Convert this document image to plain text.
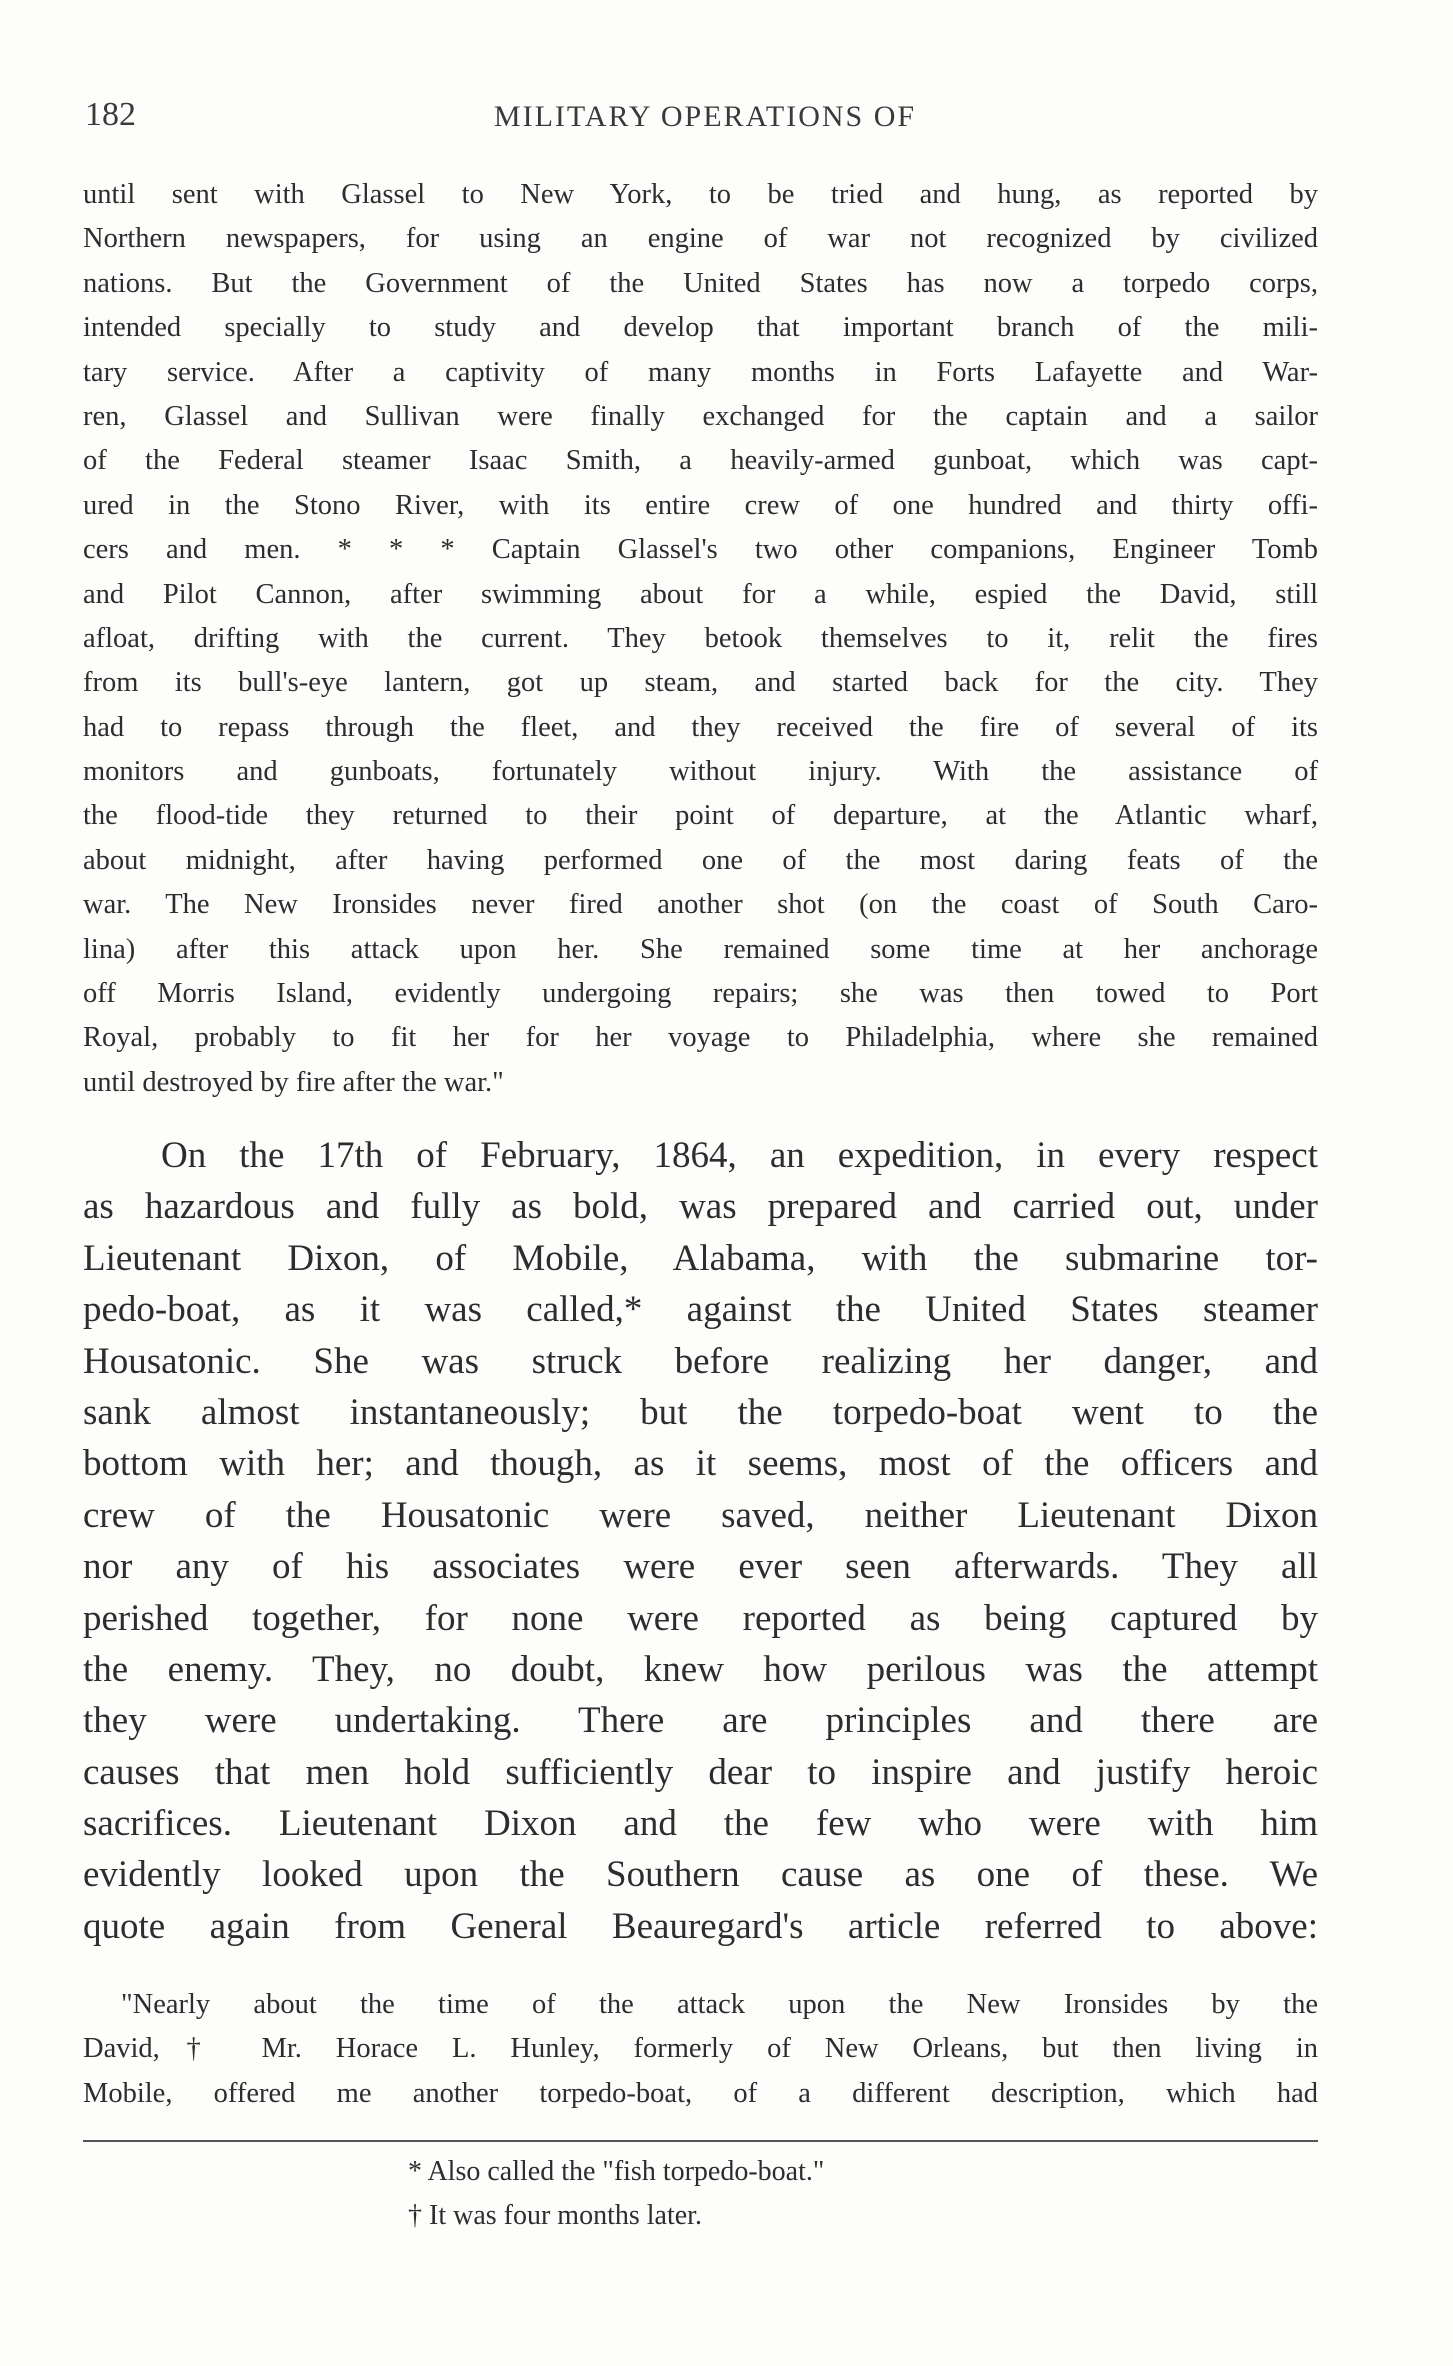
182	MILITARY OPERATIONS OF
until sent with Glassel to New York, to be tried and hung, as reported by
Northern newspapers, for using an engine of war not recognized by civilized
nations. But the Government of the United States has now a torpedo corps,
intended specially to study and develop that important branch of the mili-
tary service. After a captivity of many months in Forts Lafayette and War-
ren, Glassel and Sullivan were finally exchanged for the captain and a sailor
of the Federal steamer Isaac Smith, a heavily-armed gunboat, which was capt-
ured in the Stono River, with its entire crew of one hundred and thirty offi-
cers and men. * * * Captain Glassel's two other companions, Engineer Tomb
and Pilot Cannon, after swimming about for a while, espied the David, still
afloat, drifting with the current. They betook themselves to it, relit the fires
from its bull's-eye lantern, got up steam, and started back for the city. They
had to repass through the fleet, and they received the fire of several of its
monitors and gunboats, fortunately without injury. With the assistance of
the flood-tide they returned to their point of departure, at the Atlantic wharf,
about midnight, after having performed one of the most daring feats of the
war. The New Ironsides never fired another shot (on the coast of South Caro-
lina) after this attack upon her. She remained some time at her anchorage
off Morris Island, evidently undergoing repairs; she was then towed to Port
Royal, probably to fit her for her voyage to Philadelphia, where she remained
until destroyed by fire after the war."
On the 17th of February, 1864, an expedition, in every respect
as hazardous and fully as bold, was prepared and carried out, under
Lieutenant Dixon, of Mobile, Alabama, with the submarine tor-
pedo-boat, as it was called,* against the United States steamer
Housatonic. She was struck before realizing her danger, and
sank almost instantaneously; but the torpedo-boat went to the
bottom with her; and though, as it seems, most of the officers and
crew of the Housatonic were saved, neither Lieutenant Dixon
nor any of his associates were ever seen afterwards. They all
perished together, for none were reported as being captured by
the enemy. They, no doubt, knew how perilous was the attempt
they were undertaking. There are principles and there are
causes that men hold sufficiently dear to inspire and justify heroic
sacrifices. Lieutenant Dixon and the few who were with him
evidently looked upon the Southern cause as one of these. We
quote again from General Beauregard's article referred to above:
"Nearly about the time of the attack upon the New Ironsides by the
David,† Mr. Horace L. Hunley, formerly of New Orleans, but then living in
Mobile, offered me another torpedo-boat, of a different description, which had
* Also called the "fish torpedo-boat."
† It was four months later.
